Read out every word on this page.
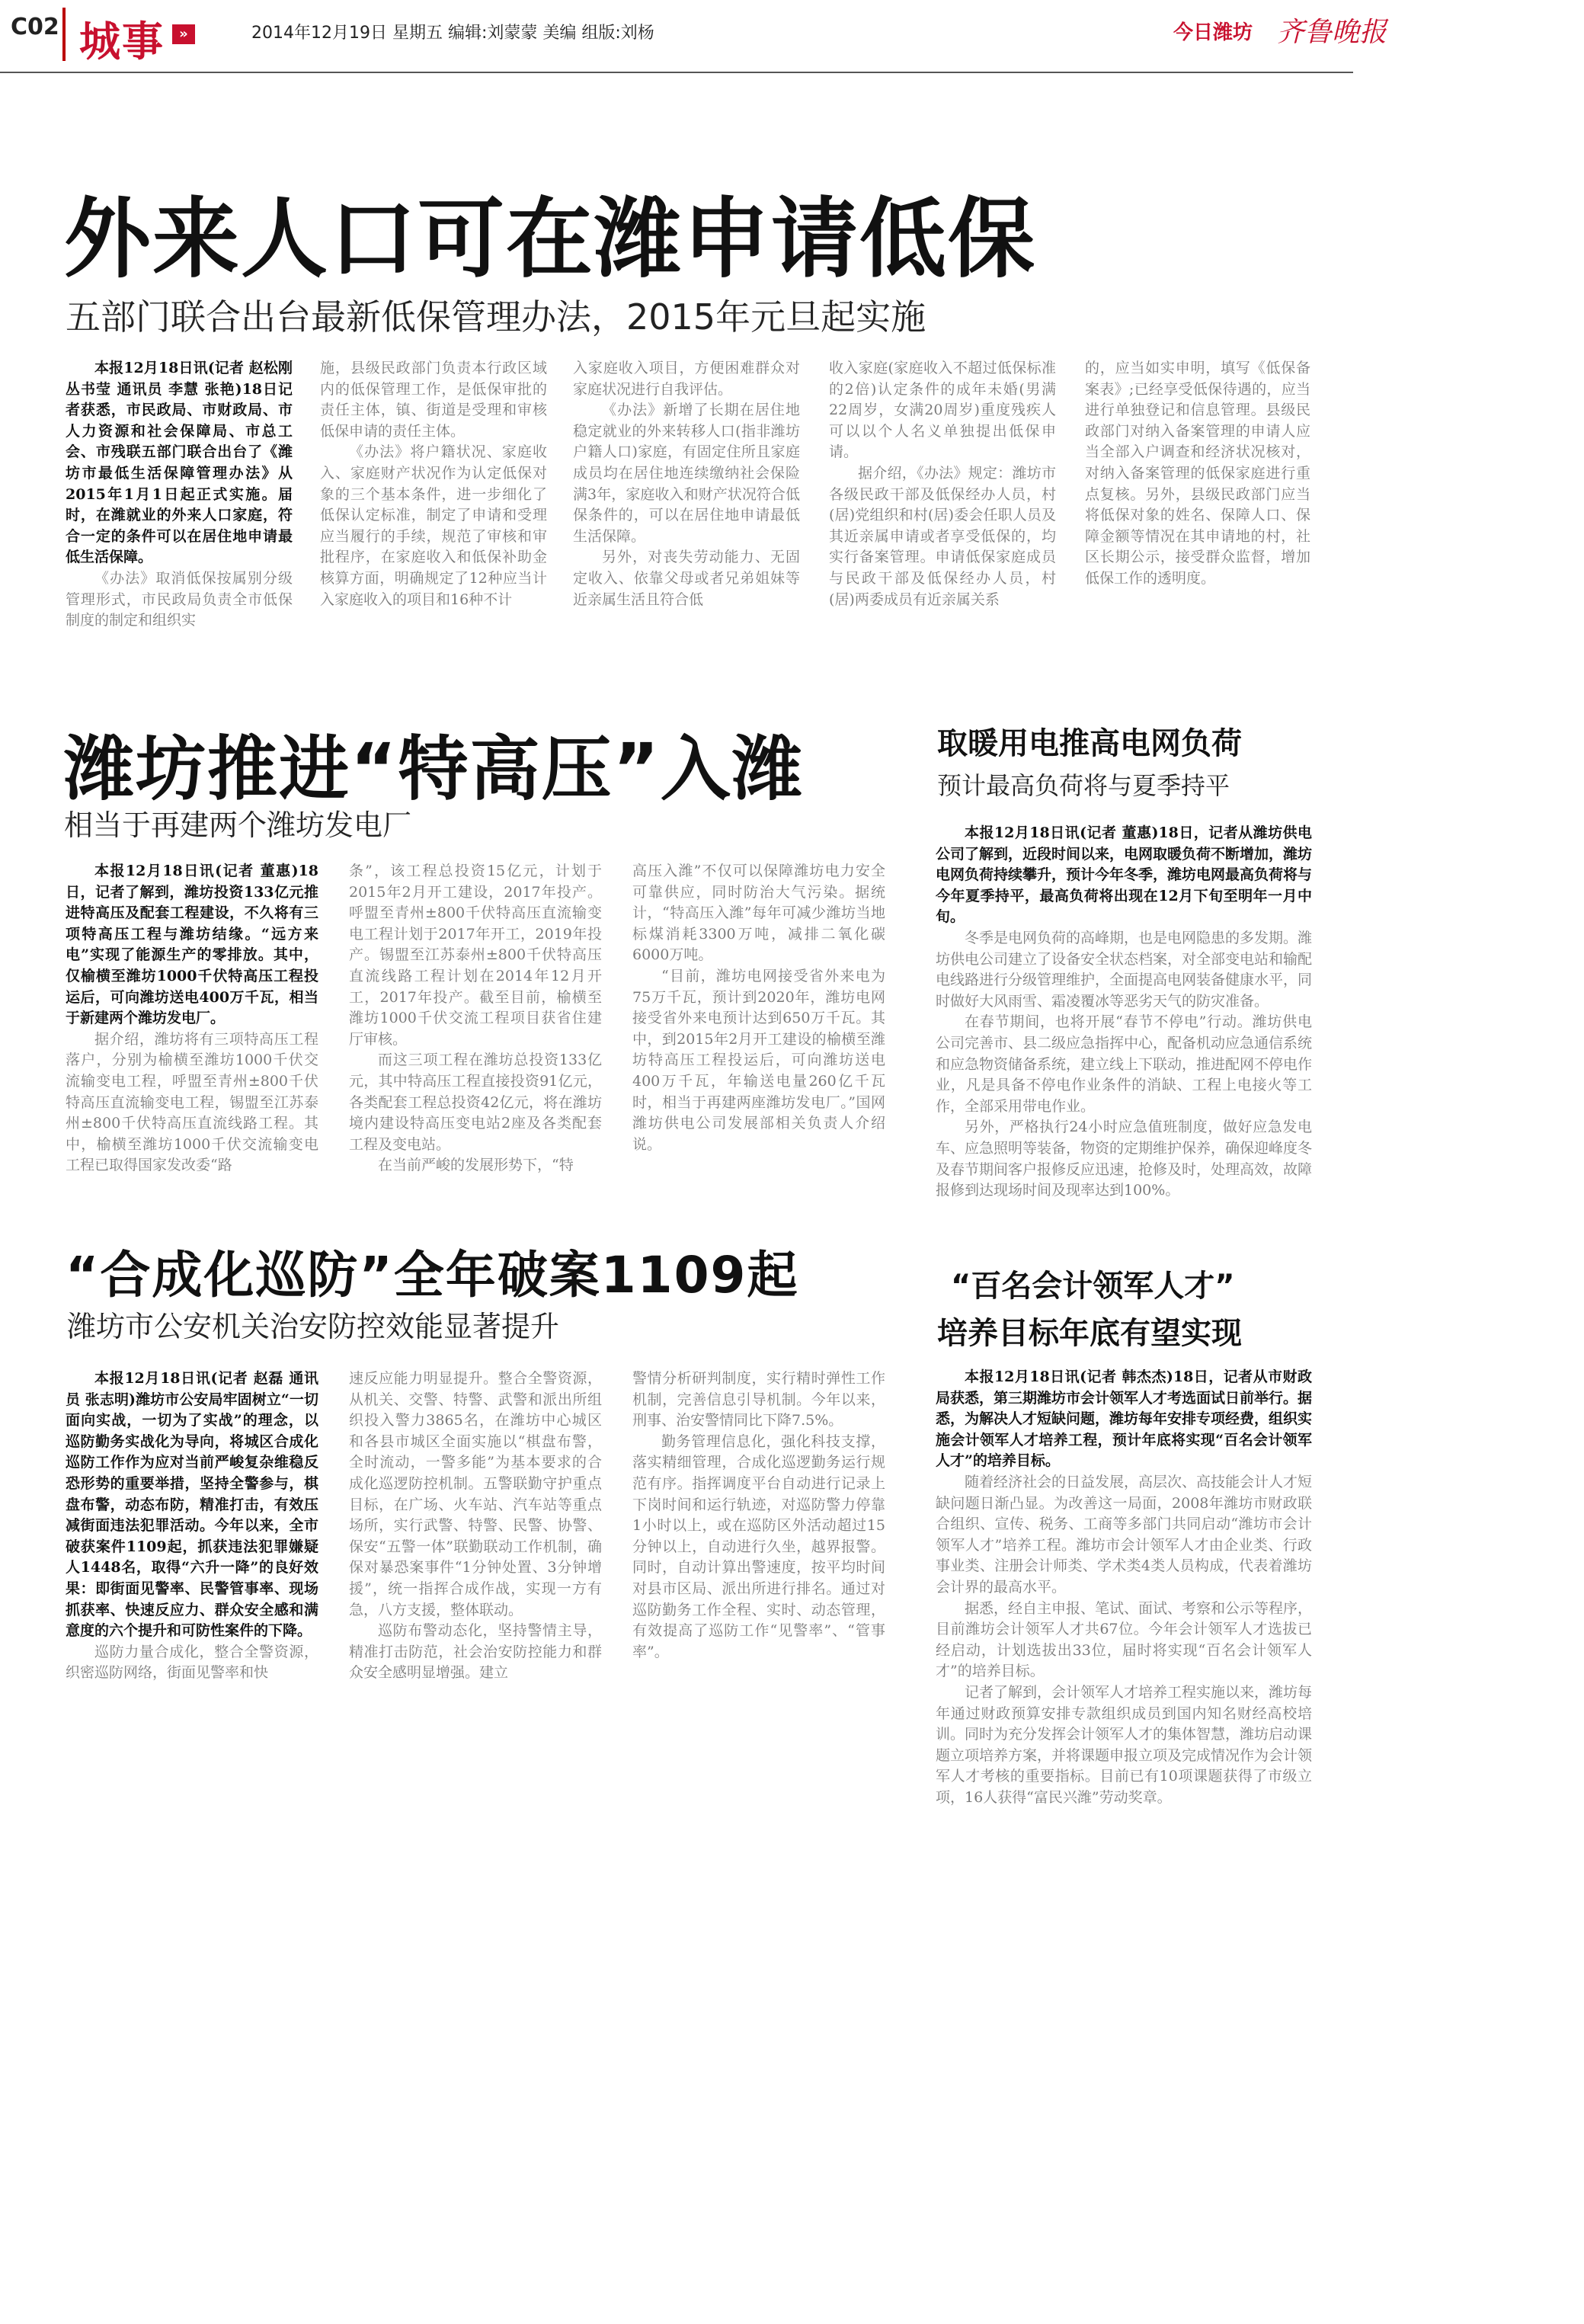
C02 城事	»	2014年12月19日 星期五 编辑:刘蒙蒙 美编 组版:刘杨	今日潍坊 齐鲁晚报
外来人口可在潍申请低保
五部门联合出台最新低保管理办法，2015年元旦起实施

本报12月18日讯(记者 赵松刚 丛书莹 通讯员 李慧 张艳)18日记者获悉，市民政局、市财政局、市人力资源和社会保障局、市总工会、市残联五部门联合出台了《潍坊市最低生活保障管理办法》从2015年1月1日起正式实施。届时，在潍就业的外来人口家庭，符合一定的条件可以在居住地申请最低生活保障。

《办法》取消低保按属别分级管理形式，市民政局负责全市低保制度的制定和组织实

施，县级民政部门负责本行政区域内的低保管理工作，是低保审批的责任主体，镇、街道是受理和审核低保申请的责任主体。

《办法》将户籍状况、家庭收入、家庭财产状况作为认定低保对象的三个基本条件，进一步细化了低保认定标准，制定了申请和受理应当履行的手续，规范了审核和审批程序，在家庭收入和低保补助金核算方面，明确规定了12种应当计入家庭收入的项目和16种不计

入家庭收入项目，方便困难群众对家庭状况进行自我评估。

《办法》新增了长期在居住地稳定就业的外来转移人口(指非潍坊户籍人口)家庭，有固定住所且家庭成员均在居住地连续缴纳社会保险满3年，家庭收入和财产状况符合低保条件的，可以在居住地申请最低生活保障。

另外，对丧失劳动能力、无固定收入、依靠父母或者兄弟姐妹等近亲属生活且符合低

收入家庭(家庭收入不超过低保标准的2倍)认定条件的成年未婚(男满22周岁，女满20周岁)重度残疾人可以以个人名义单独提出低保申请。

据介绍，《办法》规定：潍坊市各级民政干部及低保经办人员，村(居)党组织和村(居)委会任职人员及其近亲属申请或者享受低保的，均实行备案管理。申请低保家庭成员与民政干部及低保经办人员，村(居)两委成员有近亲属关系

的，应当如实申明，填写《低保备案表》;已经享受低保待遇的，应当进行单独登记和信息管理。县级民政部门对纳入备案管理的申请人应当全部入户调查和经济状况核对，对纳入备案管理的低保家庭进行重点复核。另外，县级民政部门应当将低保对象的姓名、保障人口、保障金额等情况在其申请地的村，社区长期公示，接受群众监督，增加低保工作的透明度。

潍坊推进“特高压”入潍
相当于再建两个潍坊发电厂

本报12月18日讯(记者 董惠)18日，记者了解到，潍坊投资133亿元推进特高压及配套工程建设，不久将有三项特高压工程与潍坊结缘。“远方来电”实现了能源生产的零排放。其中，仅榆横至潍坊1000千伏特高压工程投运后，可向潍坊送电400万千瓦，相当于新建两个潍坊发电厂。

据介绍，潍坊将有三项特高压工程落户，分别为榆横至潍坊1000千伏交流输变电工程，呼盟至青州±800千伏特高压直流输变电工程，锡盟至江苏泰州±800千伏特高压直流线路工程。其中，榆横至潍坊1000千伏交流输变电工程已取得国家发改委“路

条”，该工程总投资15亿元，计划于2015年2月开工建设，2017年投产。呼盟至青州±800千伏特高压直流输变电工程计划于2017年开工，2019年投产。锡盟至江苏泰州±800千伏特高压直流线路工程计划在2014年12月开工，2017年投产。截至目前，榆横至潍坊1000千伏交流工程项目获省住建厅审核。

而这三项工程在潍坊总投资133亿元，其中特高压工程直接投资91亿元，各类配套工程总投资42亿元，将在潍坊境内建设特高压变电站2座及各类配套工程及变电站。

在当前严峻的发展形势下，“特

高压入潍”不仅可以保障潍坊电力安全可靠供应，同时防治大气污染。据统计，“特高压入潍”每年可减少潍坊当地标煤消耗3300万吨，减排二氧化碳6000万吨。

“目前，潍坊电网接受省外来电为75万千瓦，预计到2020年，潍坊电网接受省外来电预计达到650万千瓦。其中，到2015年2月开工建设的榆横至潍坊特高压工程投运后，可向潍坊送电400万千瓦，年输送电量260亿千瓦时，相当于再建两座潍坊发电厂。”国网潍坊供电公司发展部相关负责人介绍说。

取暖用电推高电网负荷
预计最高负荷将与夏季持平

本报12月18日讯(记者 董惠)18日，记者从潍坊供电公司了解到，近段时间以来，电网取暖负荷不断增加，潍坊电网负荷持续攀升，预计今年冬季，潍坊电网最高负荷将与今年夏季持平，最高负荷将出现在12月下旬至明年一月中旬。

冬季是电网负荷的高峰期，也是电网隐患的多发期。潍坊供电公司建立了设备安全状态档案，对全部变电站和输配电线路进行分级管理维护，全面提高电网装备健康水平，同时做好大风雨雪、霜凌覆冰等恶劣天气的防灾准备。

在春节期间，也将开展“春节不停电”行动。潍坊供电公司完善市、县二级应急指挥中心，配备机动应急通信系统和应急物资储备系统，建立线上下联动，推进配网不停电作业，凡是具备不停电作业条件的消缺、工程上电接火等工作，全部采用带电作业。

另外，严格执行24小时应急值班制度，做好应急发电车、应急照明等装备，物资的定期维护保养，确保迎峰度冬及春节期间客户报修反应迅速，抢修及时，处理高效，故障报修到达现场时间及现率达到100%。

“合成化巡防”全年破案1109起
潍坊市公安机关治安防控效能显著提升

本报12月18日讯(记者 赵磊 通讯员 张志明)潍坊市公安局牢固树立“一切面向实战，一切为了实战”的理念，以巡防勤务实战化为导向，将城区合成化巡防工作作为应对当前严峻复杂维稳反恐形势的重要举措，坚持全警参与，棋盘布警，动态布防，精准打击，有效压减街面违法犯罪活动。今年以来，全市破获案件1109起，抓获违法犯罪嫌疑人1448名，取得“六升一降”的良好效果：即街面见警率、民警管事率、现场抓获率、快速反应力、群众安全感和满意度的六个提升和可防性案件的下降。

巡防力量合成化，整合全警资源，织密巡防网络，街面见警率和快

速反应能力明显提升。整合全警资源，从机关、交警、特警、武警和派出所组织投入警力3865名，在潍坊中心城区和各县市城区全面实施以“棋盘布警，全时流动，一警多能”为基本要求的合成化巡逻防控机制。五警联勤守护重点目标，在广场、火车站、汽车站等重点场所，实行武警、特警、民警、协警、保安“五警一体”联勤联动工作机制，确保对暴恐案事件“1分钟处置、3分钟增援”，统一指挥合成作战，实现一方有急，八方支援，整体联动。

巡防布警动态化，坚持警情主导，精准打击防范，社会治安防控能力和群众安全感明显增强。建立

警情分析研判制度，实行精时弹性工作机制，完善信息引导机制。今年以来，刑事、治安警情同比下降7.5%。

勤务管理信息化，强化科技支撑，落实精细管理，合成化巡逻勤务运行规范有序。指挥调度平台自动进行记录上下岗时间和运行轨迹，对巡防警力停靠1小时以上，或在巡防区外活动超过15分钟以上，自动进行久坐，越界报警。同时，自动计算出警速度，按平均时间对县市区局、派出所进行排名。通过对巡防勤务工作全程、实时、动态管理，有效提高了巡防工作“见警率”、“管事率”。

“百名会计领军人才”
培养目标年底有望实现

本报12月18日讯(记者 韩杰杰)18日，记者从市财政局获悉，第三期潍坊市会计领军人才考选面试日前举行。据悉，为解决人才短缺问题，潍坊每年安排专项经费，组织实施会计领军人才培养工程，预计年底将实现“百名会计领军人才”的培养目标。

随着经济社会的日益发展，高层次、高技能会计人才短缺问题日渐凸显。为改善这一局面，2008年潍坊市财政联合组织、宣传、税务、工商等多部门共同启动“潍坊市会计领军人才”培养工程。潍坊市会计领军人才由企业类、行政事业类、注册会计师类、学术类4类人员构成，代表着潍坊会计界的最高水平。

据悉，经自主申报、笔试、面试、考察和公示等程序，目前潍坊会计领军人才共67位。今年会计领军人才选拔已经启动，计划选拔出33位，届时将实现“百名会计领军人才”的培养目标。

记者了解到，会计领军人才培养工程实施以来，潍坊每年通过财政预算安排专款组织成员到国内知名财经高校培训。同时为充分发挥会计领军人才的集体智慧，潍坊启动课题立项培养方案，并将课题申报立项及完成情况作为会计领军人才考核的重要指标。目前已有10项课题获得了市级立项，16人获得“富民兴潍”劳动奖章。
